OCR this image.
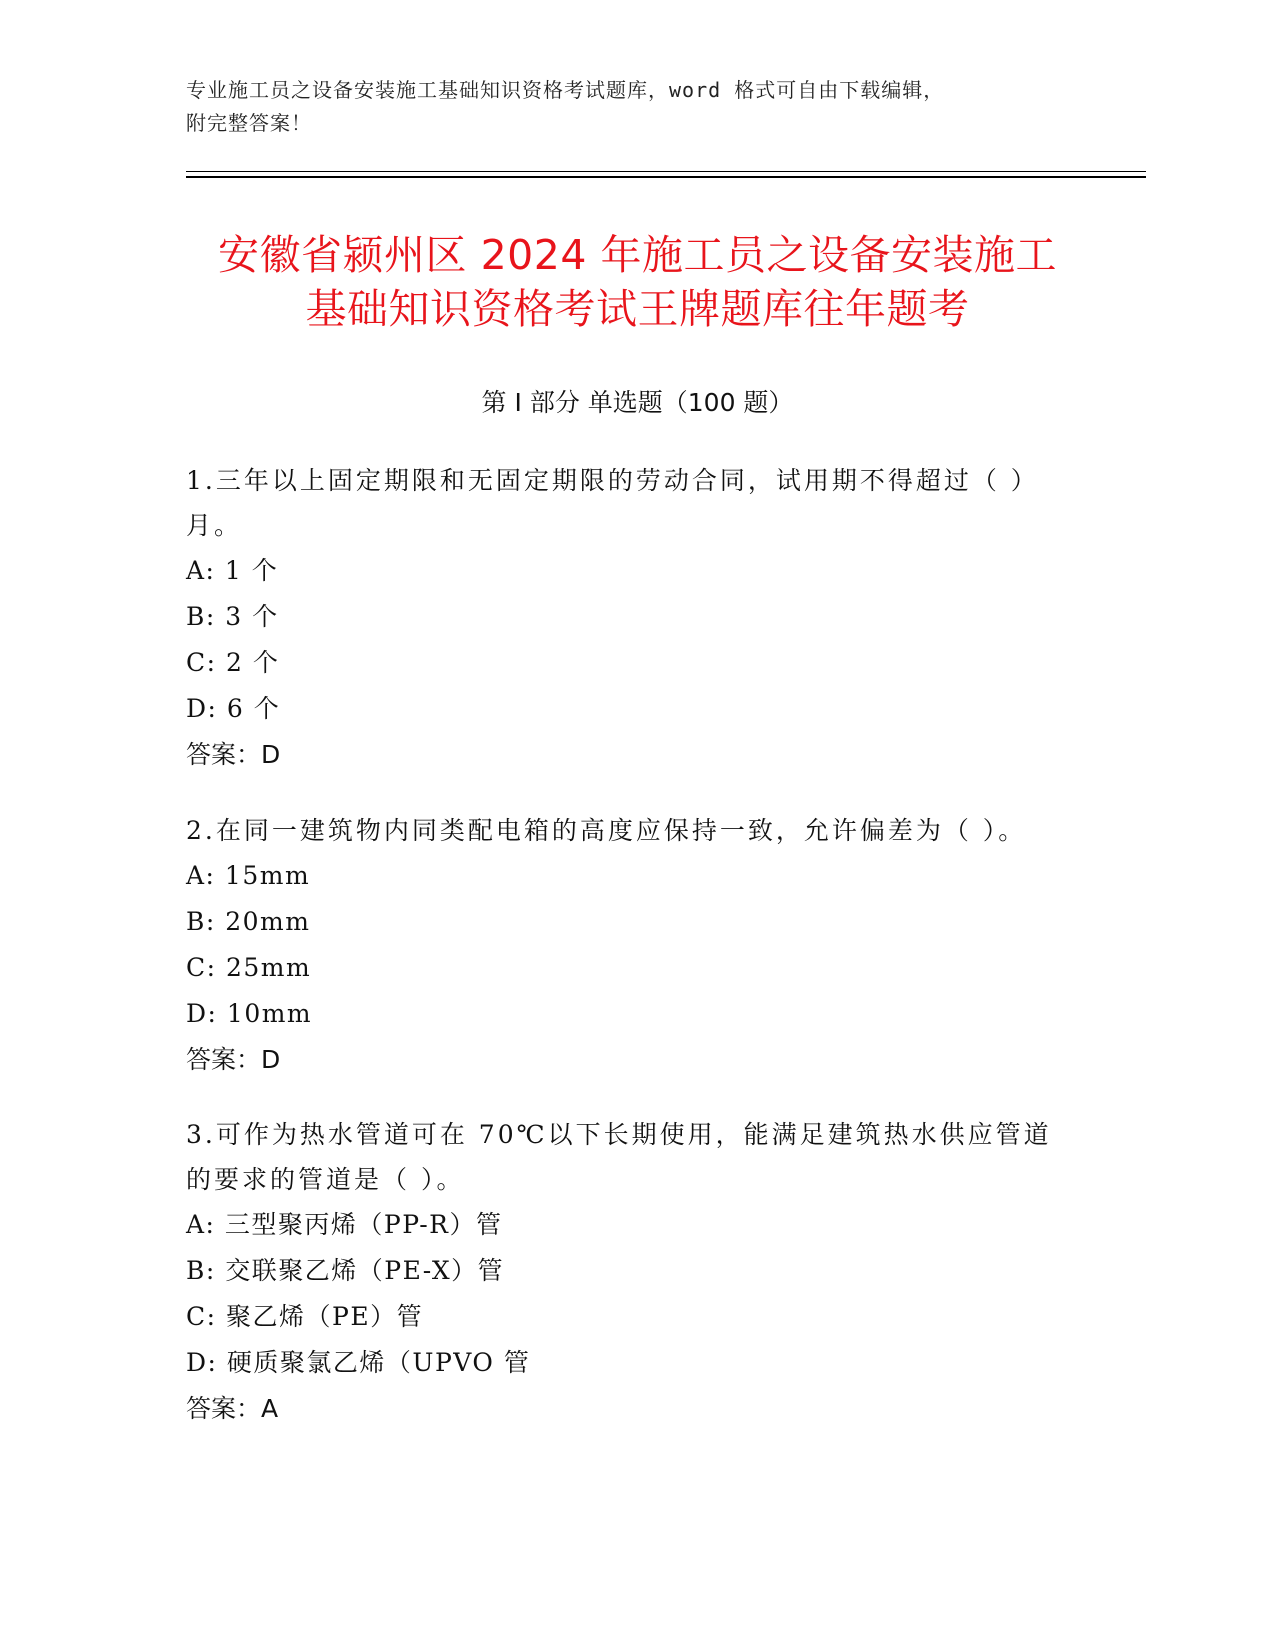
专业施工员之设备安装施工基础知识资格考试题库，word 格式可自由下载编辑，
附完整答案！
安徽省颍州区 2024 年施工员之设备安装施工
基础知识资格考试王牌题库往年题考
第 I 部分 单选题（100 题）
1.三年以上固定期限和无固定期限的劳动合同，试用期不得超过（ ）
月。
A: 1 个
B: 3 个
C: 2 个
D: 6 个
答案：D
2.在同一建筑物内同类配电箱的高度应保持一致，允许偏差为（ ）。
A: 15mm
B: 20mm
C: 25mm
D: 10mm
答案：D
3.可作为热水管道可在 70℃以下长期使用，能满足建筑热水供应管道
的要求的管道是（ ）。
A: 三型聚丙烯（PP-R）管
B: 交联聚乙烯（PE-X）管
C: 聚乙烯（PE）管
D: 硬质聚氯乙烯（UPVO 管
答案：A
